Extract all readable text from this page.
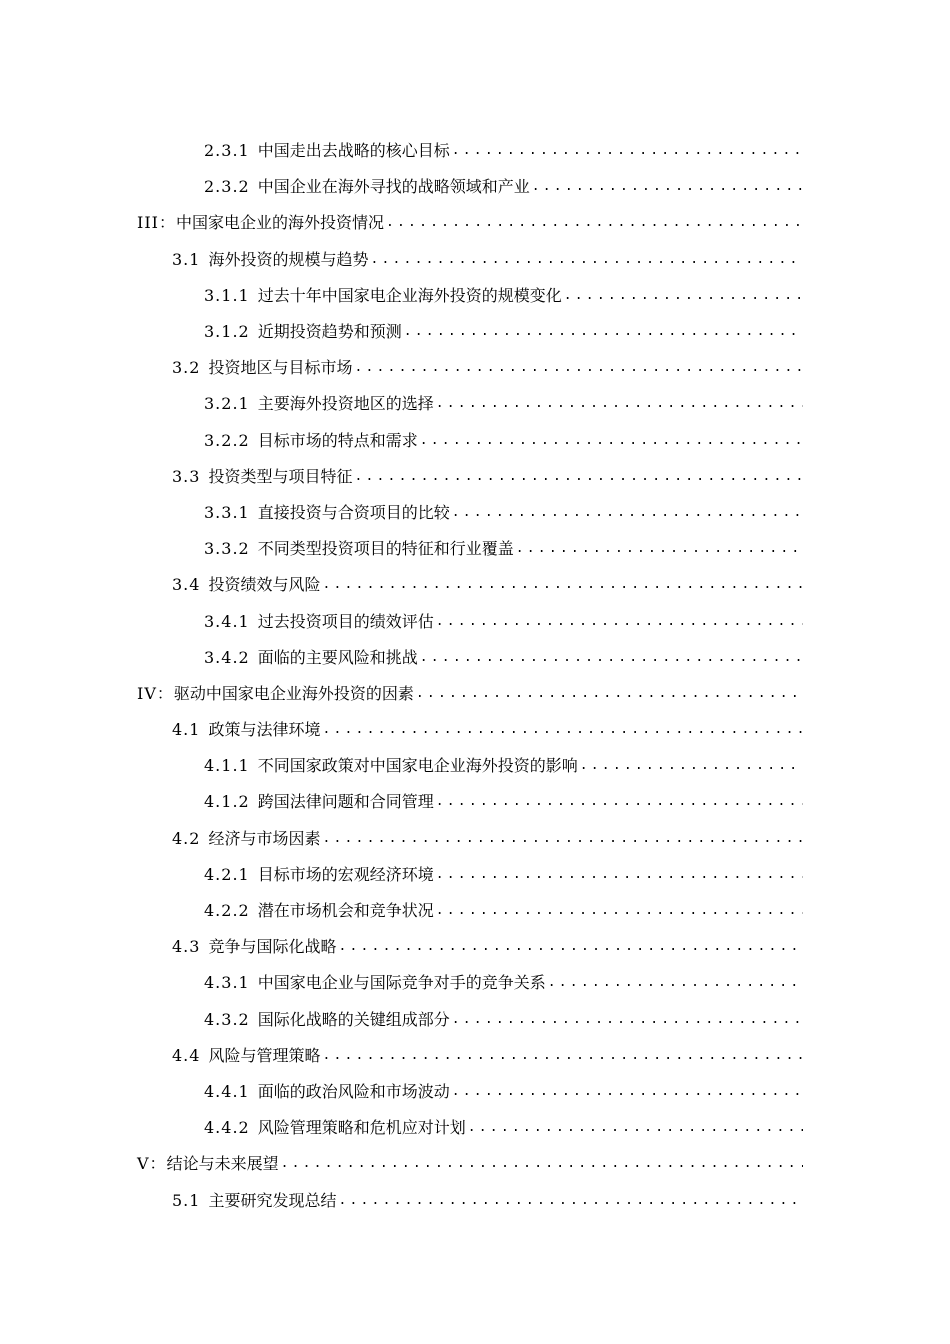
2.3.1 中国走出去战略的核心目标
.....
2.3.2 中国企业在海外寻找的战略领域和产业
.....
III： 中国家电企业的海外投资情况
.....
3.1 海外投资的规模与趋势
.....
3.1.1 过去十年中国家电企业海外投资的规模变化
.....
3.1.2 近期投资趋势和预测
.....
3.2 投资地区与目标市场
.....
3.2.1 主要海外投资地区的选择
.....
3.2.2 目标市场的特点和需求
.....
3.3 投资类型与项目特征
.....
3.3.1 直接投资与合资项目的比较
.....
3.3.2 不同类型投资项目的特征和行业覆盖
.....
3.4 投资绩效与风险
.....
3.4.1 过去投资项目的绩效评估
.....
3.4.2 面临的主要风险和挑战
.....
IV： 驱动中国家电企业海外投资的因素
.....
4.1 政策与法律环境
.....
4.1.1 不同国家政策对中国家电企业海外投资的影响
.....
4.1.2 跨国法律问题和合同管理
.....
4.2 经济与市场因素
.....
4.2.1 目标市场的宏观经济环境
.....
4.2.2 潜在市场机会和竞争状况
.....
4.3 竞争与国际化战略
.....
4.3.1 中国家电企业与国际竞争对手的竞争关系
.....
4.3.2 国际化战略的关键组成部分
.....
4.4 风险与管理策略
.....
4.4.1 面临的政治风险和市场波动
.....
4.4.2 风险管理策略和危机应对计划
.....
V： 结论与未来展望
.....
5.1 主要研究发现总结
.....
